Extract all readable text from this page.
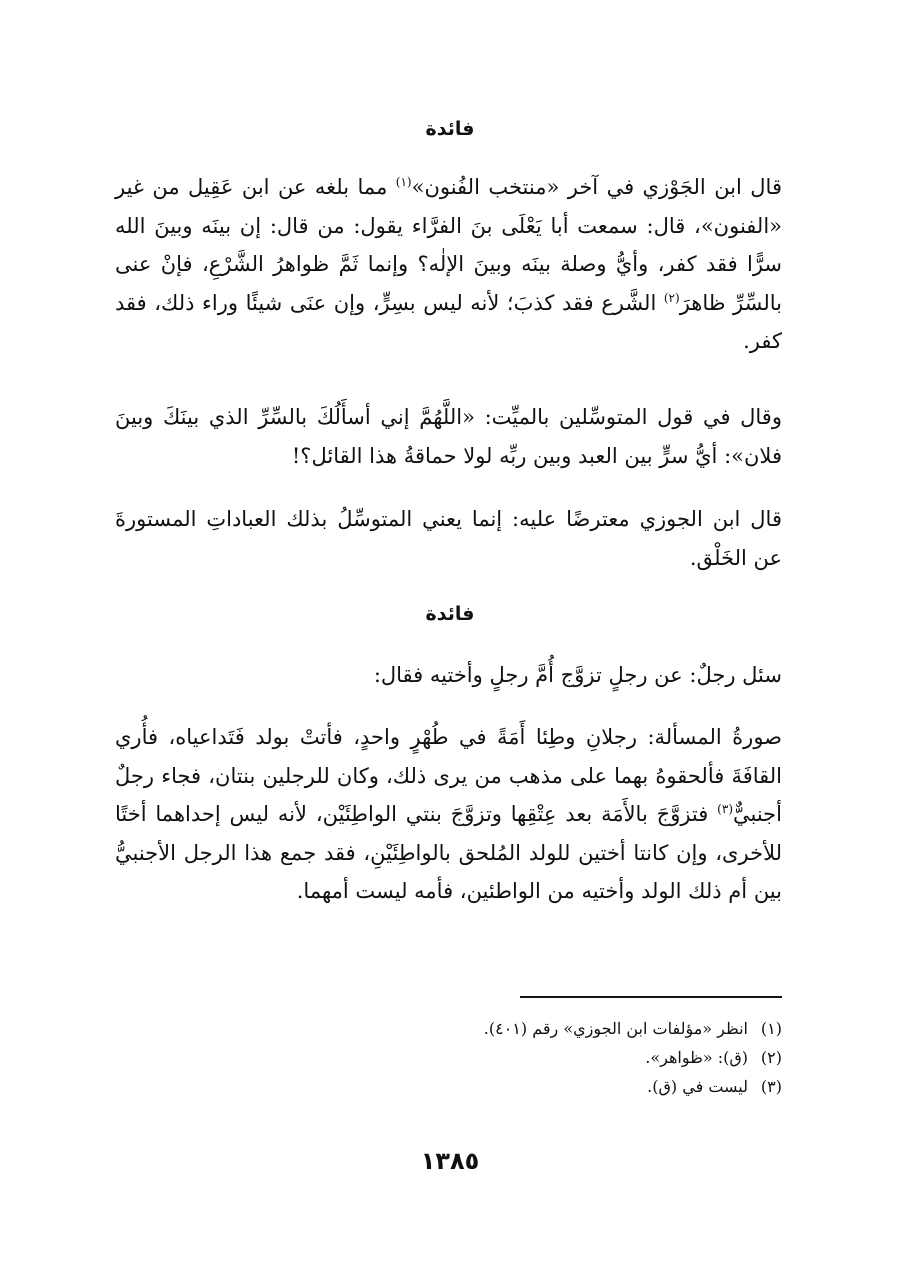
فائدة
قال ابن الجَوْزي في آخر «منتخب الفُنون»$^{(١)}$ مما بلغه عن ابن عَقِيل من غير «الفنون»، قال: سمعت أبا يَعْلَى بنَ الفرَّاء يقول: من قال: إن بينَه وبينَ الله سرًّا فقد كفر، وأيُّ وصلة بينَه وبينَ الإلٰه؟ وإنما ثَمَّ ظواهرُ الشَّرْعِ، فإنْ عنى بالسِّرِّ ظاهرَ$^{(٢)}$ الشَّرع فقد كذبَ؛ لأنه ليس بسِرٍّ، وإن عنَى شيئًا وراء ذلك، فقد كفر.
وقال في قول المتوسِّلين بالميِّت: «اللَّهُمَّ إني أسأَلُكَ بالسِّرِّ الذي بينَكَ وبينَ فلان»: أيُّ سرٍّ بين العبد وبين ربِّه لولا حماقةُ هذا القائل؟!
قال ابن الجوزي معترضًا عليه: إنما يعني المتوسِّلُ بذلك العباداتِ المستورةَ عن الخَلْق.
فائدة
سئل رجلٌ: عن رجلٍ تزوَّج أُمَّ رجلٍ وأختيه فقال:
صورةُ المسألة: رجلانِ وطِئا أَمَةً في طُهْرٍ واحدٍ، فأتتْ بولد فَتَداعياه، فأُري القافَةَ فألحقوهُ بهما على مذهب من يرى ذلك، وكان للرجلين بنتان، فجاء رجلٌ أجنبيٌّ$^{(٣)}$ فتزوَّجَ بالأَمَة بعد عِتْقِها وتزوَّجَ بنتي الواطِئَيْن، لأنه ليس إحداهما أختًا للأخرى، وإن كانتا أختين للولد المُلحق بالواطِئَيْنِ، فقد جمع هذا الرجل الأجنبيُّ بين أم ذلك الولد وأختيه من الواطئين، فأمه ليست أمهما.
(١)انظر «مؤلفات ابن الجوزي» رقم (٤٠١).
(٢)(ق): «ظواهر».
(٣)ليست في (ق).
١٣٨٥
